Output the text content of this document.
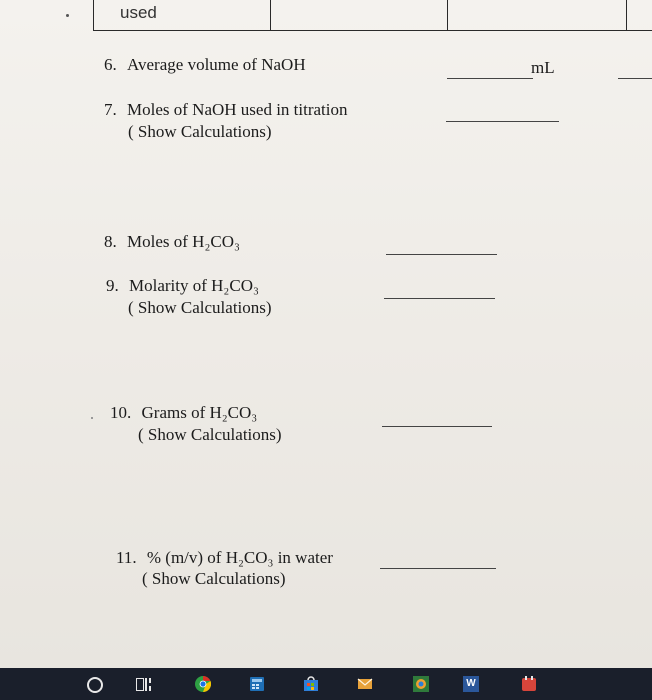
used
6. Average volume of NaOH	mL
7. Moles of NaOH used in titration
( Show Calculations)
8. Moles of H₂CO₃
9. Molarity of H₂CO₃
( Show Calculations)
10. Grams of H₂CO₃
( Show Calculations)
11. % (m/v) of H₂CO₃ in water
( Show Calculations)
W
